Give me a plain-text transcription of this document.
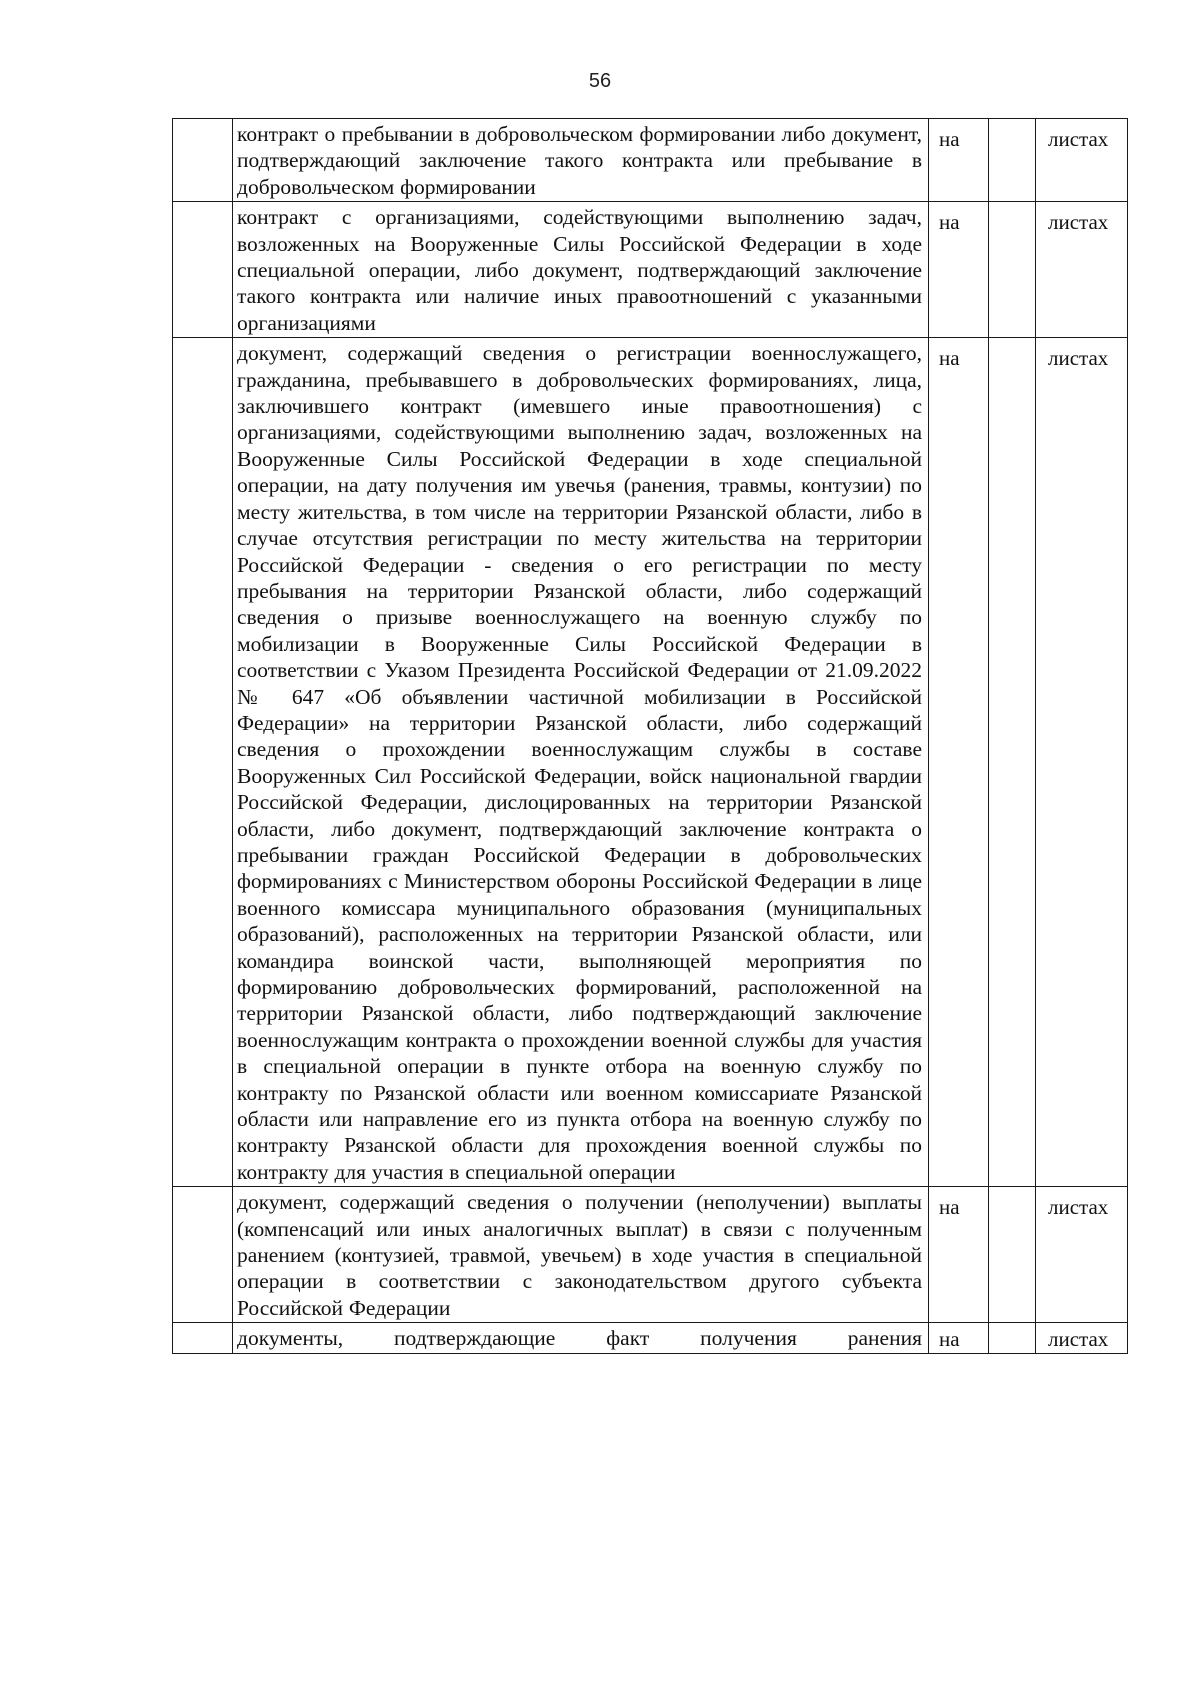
56

	контракт о пребывании в добровольческом формировании либо документ, подтверждающий заключение такого контракта или пребывание в добровольческом формировании	на		листах

	контракт с организациями, содействующими выполнению задач, возложенных на Вооруженные Силы Российской Федерации в ходе специальной операции, либо документ, подтверждающий заключение такого контракта или наличие иных правоотношений с указанными организациями	на		листах

	документ, содержащий сведения о регистрации военнослужащего, гражданина, пребывавшего в добровольческих формированиях, лица, заключившего контракт (имевшего иные правоотношения) с организациями, содействующими выполнению задач, возложенных на Вооруженные Силы Российской Федерации в ходе специальной операции, на дату получения им увечья (ранения, травмы, контузии) по месту жительства, в том числе на территории Рязанской области, либо в случае отсутствия регистрации по месту жительства на территории Российской Федерации - сведения о его регистрации по месту пребывания на территории Рязанской области, либо содержащий сведения о призыве военнослужащего на военную службу по мобилизации в Вооруженные Силы Российской Федерации в соответствии с Указом Президента Российской Федерации от 21.09.2022 № 647 «Об объявлении частичной мобилизации в Российской Федерации» на территории Рязанской области, либо содержащий сведения о прохождении военнослужащим службы в составе Вооруженных Сил Российской Федерации, войск национальной гвардии Российской Федерации, дислоцированных на территории Рязанской области, либо документ, подтверждающий заключение контракта о пребывании граждан Российской Федерации в добровольческих формированиях с Министерством обороны Российской Федерации в лице военного комиссара муниципального образования (муниципальных образований), расположенных на территории Рязанской области, или командира воинской части, выполняющей мероприятия по формированию добровольческих формирований, расположенной на территории Рязанской области, либо подтверждающий заключение военнослужащим контракта о прохождении военной службы для участия в специальной операции в пункте отбора на военную службу по контракту по Рязанской области или военном комиссариате Рязанской области или направление его из пункта отбора на военную службу по контракту Рязанской области для прохождения военной службы по контракту для участия в специальной операции	на		листах

	документ, содержащий сведения о получении (неполучении) выплаты (компенсаций или иных аналогичных выплат) в связи с полученным ранением (контузией, травмой, увечьем) в ходе участия в специальной операции в соответствии с законодательством другого субъекта Российской Федерации	на		листах

	документы, подтверждающие факт получения ранения	на		листах
